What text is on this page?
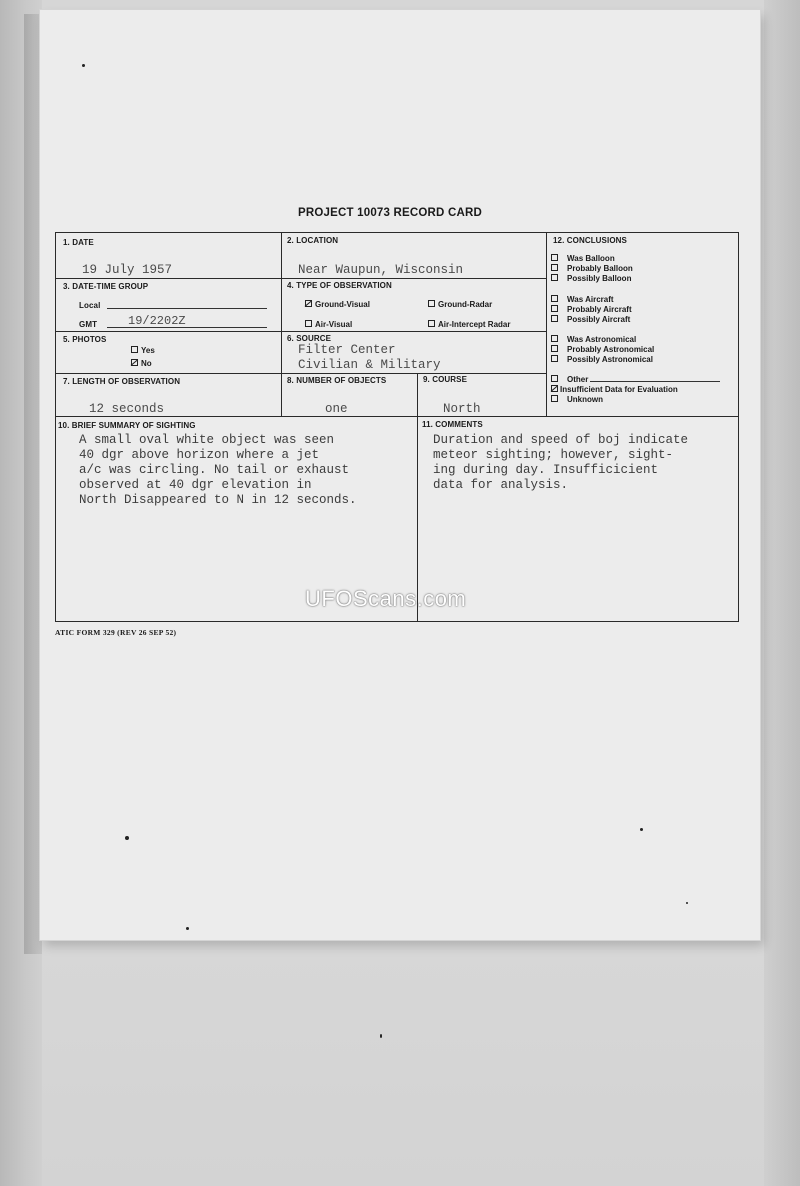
PROJECT 10073 RECORD CARD
1. DATE
19 July 1957
2. LOCATION
Near Waupun, Wisconsin
3. DATE-TIME GROUP
Local
GMT	19/2202Z
4. TYPE OF OBSERVATION
Ground-Visual	Ground-Radar
Air-Visual	Air-Intercept Radar
5. PHOTOS
Yes
No
6. SOURCE
Filter Center
Civilian & Military
7. LENGTH OF OBSERVATION
12 seconds
8. NUMBER OF OBJECTS
one
9. COURSE
North
10. BRIEF SUMMARY OF SIGHTING
A small oval white object was seen
40 dgr above horizon where a jet
a/c was circling. No tail or exhaust
observed at 40 dgr elevation in
North Disappeared to N in 12 seconds.
11. COMMENTS
Duration and speed of boj indicate
meteor sighting; however, sight-
ing during day. Insufficicient
data for analysis.
12. CONCLUSIONS
Was Balloon
Probably Balloon
Possibly Balloon
Was Aircraft
Probably Aircraft
Possibly Aircraft
Was Astronomical
Probably Astronomical
Possibly Astronomical
Other
Insufficient Data for Evaluation
Unknown
UFOScans.com
ATIC FORM 329 (REV 26 SEP 52)
